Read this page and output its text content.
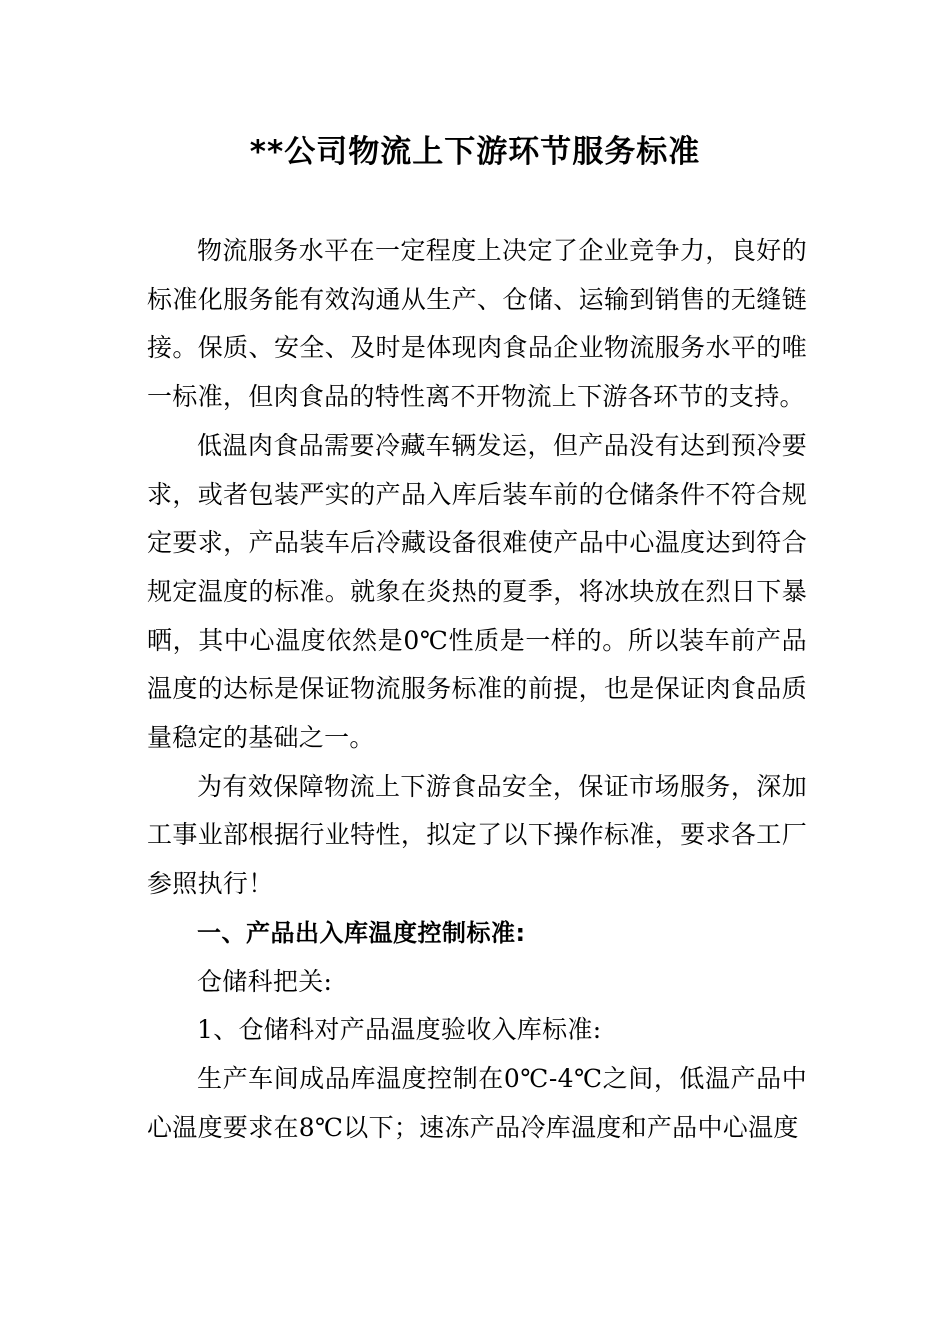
**公司物流上下游环节服务标准

物流服务水平在一定程度上决定了企业竞争力，良好的标准化服务能有效沟通从生产、仓储、运输到销售的无缝链接。保质、安全、及时是体现肉食品企业物流服务水平的唯一标准，但肉食品的特性离不开物流上下游各环节的支持。

低温肉食品需要冷藏车辆发运，但产品没有达到预冷要求，或者包装严实的产品入库后装车前的仓储条件不符合规定要求，产品装车后冷藏设备很难使产品中心温度达到符合规定温度的标准。就象在炎热的夏季，将冰块放在烈日下暴晒，其中心温度依然是0℃性质是一样的。所以装车前产品温度的达标是保证物流服务标准的前提，也是保证肉食品质量稳定的基础之一。

为有效保障物流上下游食品安全，保证市场服务，深加工事业部根据行业特性，拟定了以下操作标准，要求各工厂参照执行！

一、产品出入库温度控制标准:

仓储科把关:

1、仓储科对产品温度验收入库标准:

生产车间成品库温度控制在0℃-4℃之间，低温产品中心温度要求在8℃以下；速冻产品冷库温度和产品中心温度
